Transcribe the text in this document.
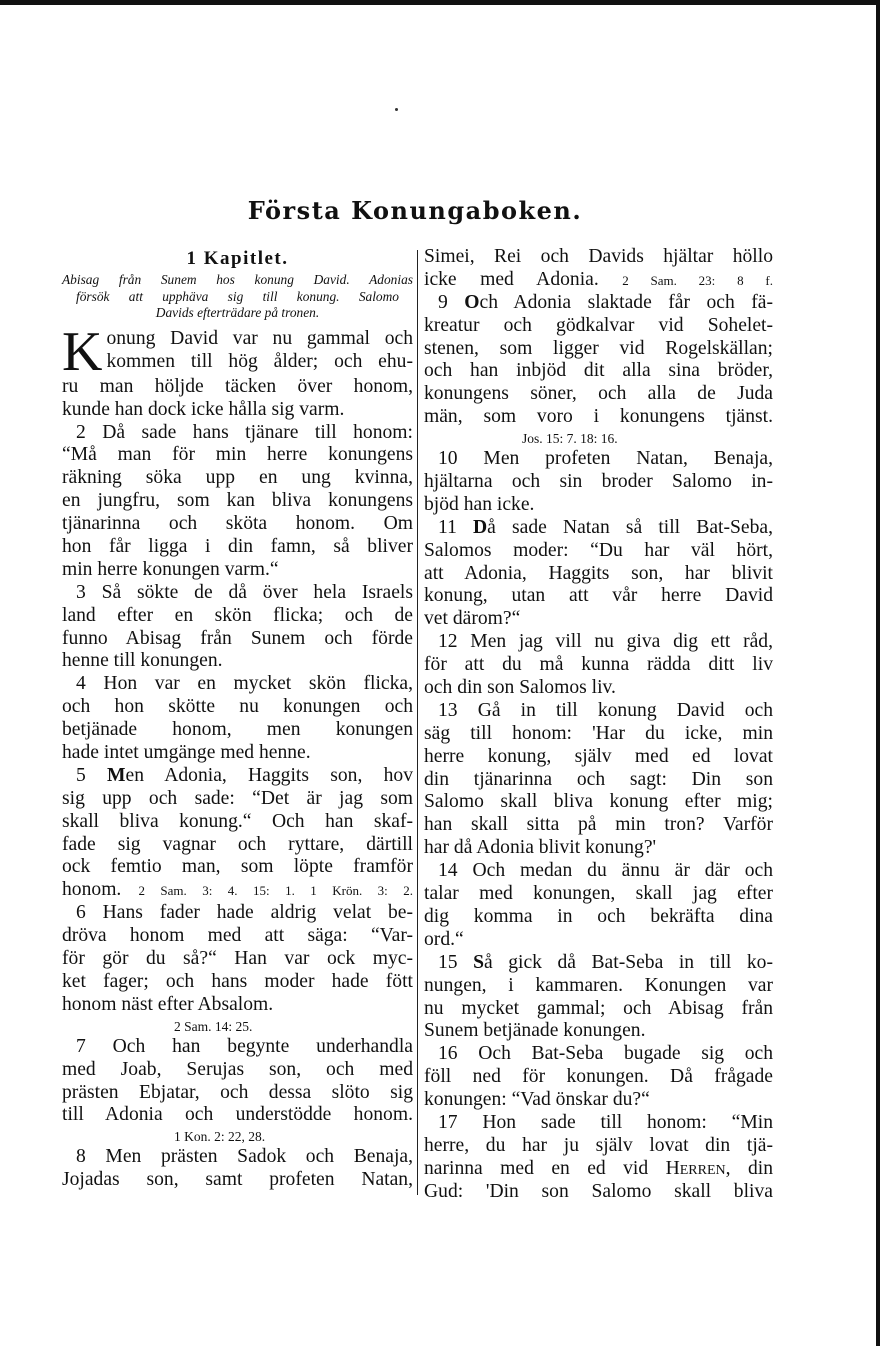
Första Konungaboken.
1 Kapitlet.
Abisag från Sunem hos konung David. Adonias
försök att upphäva sig till konung. Salomo
Davids efterträdare på tronen.
K onung David var nu gammal och
kommen till hög ålder; och ehu-
ru man höljde täcken över honom,
kunde han dock icke hålla sig varm.
2 Då sade hans tjänare till honom:
“Må man för min herre konungens
räkning söka upp en ung kvinna,
en jungfru, som kan bliva konungens
tjänarinna och sköta honom. Om
hon får ligga i din famn, så bliver
min herre konungen varm.“
3 Så sökte de då över hela Israels
land efter en skön flicka; och de
funno Abisag från Sunem och förde
henne till konungen.
4 Hon var en mycket skön flicka,
och hon skötte nu konungen och
betjänade honom, men konungen
hade intet umgänge med henne.
5 Men Adonia, Haggits son, hov
sig upp och sade: “Det är jag som
skall bliva konung.“ Och han skaf-
fade sig vagnar och ryttare, därtill
ock femtio man, som löpte framför
honom. 2 Sam. 3: 4. 15: 1. 1 Krön. 3: 2.
6 Hans fader hade aldrig velat be-
dröva honom med att säga: “Var-
för gör du så?“ Han var ock myc-
ket fager; och hans moder hade fött
honom näst efter Absalom.
2 Sam. 14: 25.
7 Och han begynte underhandla
med Joab, Serujas son, och med
prästen Ebjatar, och dessa slöto sig
till Adonia och understödde honom.
1 Kon. 2: 22, 28.
8 Men prästen Sadok och Benaja,
Jojadas son, samt profeten Natan,
Simei, Rei och Davids hjältar höllo
icke med Adonia. 2 Sam. 23: 8 f.
9 Och Adonia slaktade får och fä-
kreatur och gödkalvar vid Sohelet-
stenen, som ligger vid Rogelskällan;
och han inbjöd dit alla sina bröder,
konungens söner, och alla de Juda
män, som voro i konungens tjänst.
Jos. 15: 7. 18: 16.
10 Men profeten Natan, Benaja,
hjältarna och sin broder Salomo in-
bjöd han icke.
11 Då sade Natan så till Bat-Seba,
Salomos moder: “Du har väl hört,
att Adonia, Haggits son, har blivit
konung, utan att vår herre David
vet därom?“
12 Men jag vill nu giva dig ett råd,
för att du må kunna rädda ditt liv
och din son Salomos liv.
13 Gå in till konung David och
säg till honom: 'Har du icke, min
herre konung, själv med ed lovat
din tjänarinna och sagt: Din son
Salomo skall bliva konung efter mig;
han skall sitta på min tron? Varför
har då Adonia blivit konung?'
14 Och medan du ännu är där och
talar med konungen, skall jag efter
dig komma in och bekräfta dina
ord.“
15 Så gick då Bat-Seba in till ko-
nungen, i kammaren. Konungen var
nu mycket gammal; och Abisag från
Sunem betjänade konungen.
16 Och Bat-Seba bugade sig och
föll ned för konungen. Då frågade
konungen: “Vad önskar du?“
17 Hon sade till honom: “Min
herre, du har ju själv lovat din tjä-
narinna med en ed vid Herren, din
Gud: 'Din son Salomo skall bliva
